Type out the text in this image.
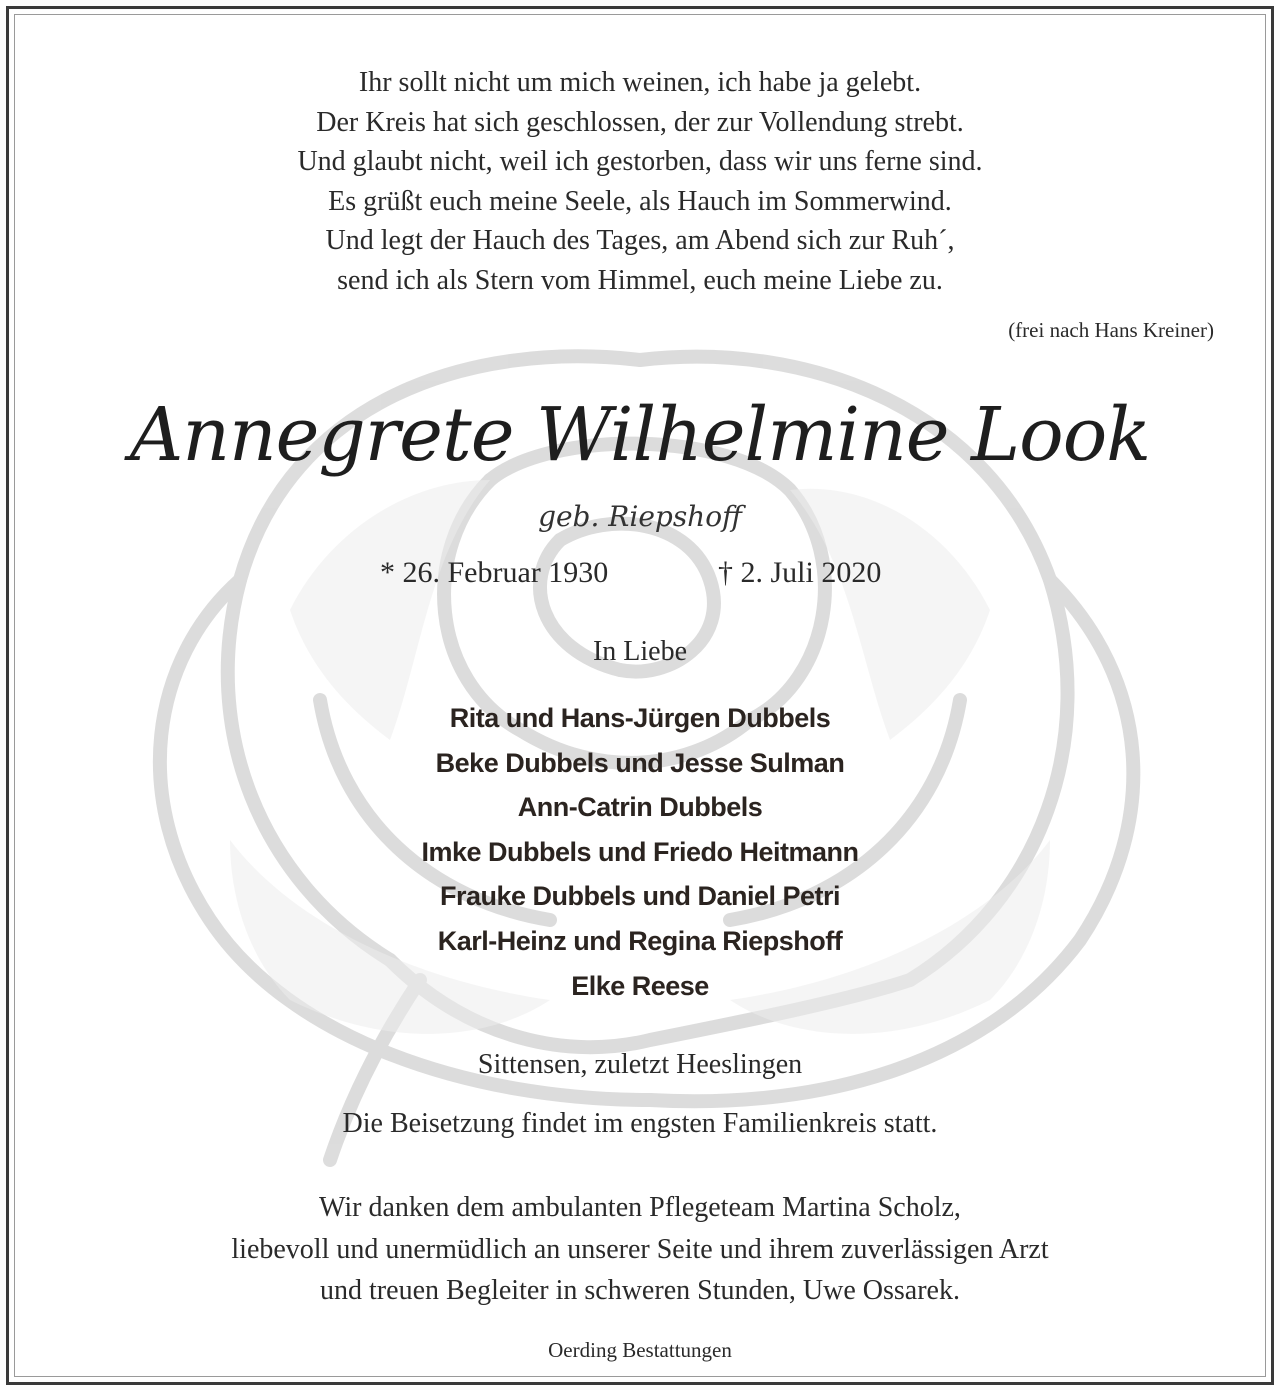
Ihr sollt nicht um mich weinen, ich habe ja gelebt.
Der Kreis hat sich geschlossen, der zur Vollendung strebt.
Und glaubt nicht, weil ich gestorben, dass wir uns ferne sind.
Es grüßt euch meine Seele, als Hauch im Sommerwind.
Und legt der Hauch des Tages, am Abend sich zur Ruh´,
send ich als Stern vom Himmel, euch meine Liebe zu.
(frei nach Hans Kreiner)
Annegrete Wilhelmine Look
geb. Riepshoff
* 26. Februar 1930	† 2. Juli 2020
In Liebe
Rita und Hans-Jürgen Dubbels
Beke Dubbels und Jesse Sulman
Ann-Catrin Dubbels
Imke Dubbels und Friedo Heitmann
Frauke Dubbels und Daniel Petri
Karl-Heinz und Regina Riepshoff
Elke Reese
Sittensen, zuletzt Heeslingen
Die Beisetzung findet im engsten Familienkreis statt.
Wir danken dem ambulanten Pflegeteam Martina Scholz,
liebevoll und unermüdlich an unserer Seite und ihrem zuverlässigen Arzt
und treuen Begleiter in schweren Stunden, Uwe Ossarek.
Oerding Bestattungen
